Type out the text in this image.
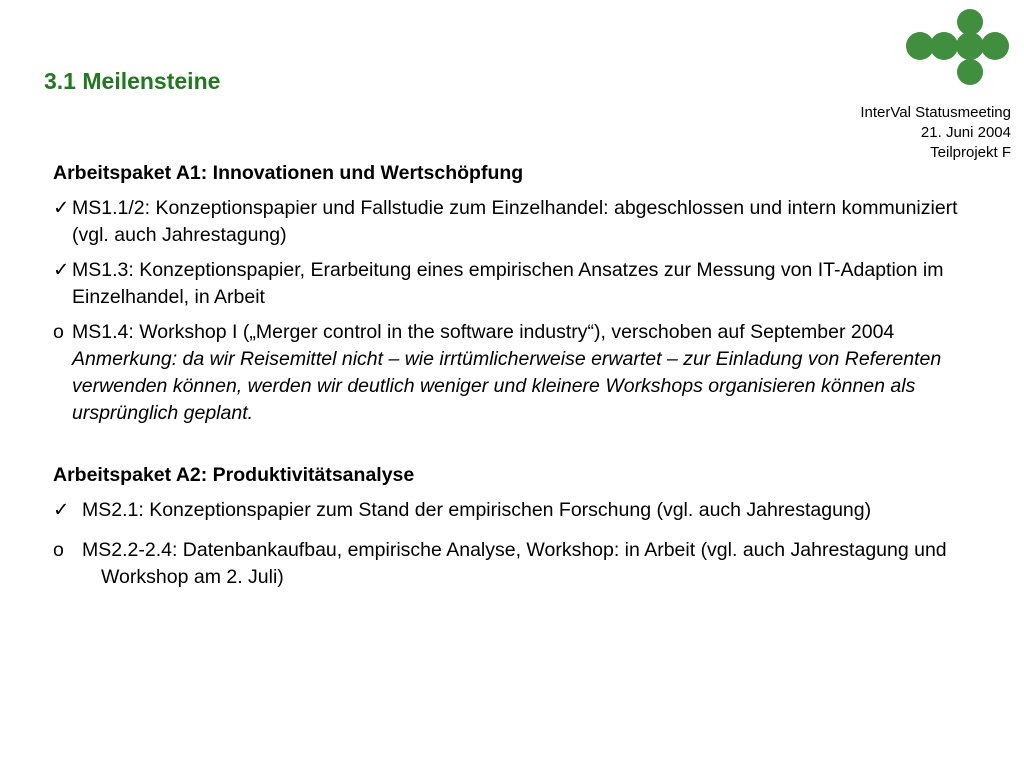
3.1 Meilensteine
InterVal Statusmeeting
21. Juni 2004
Teilprojekt F
Arbeitspaket A1: Innovationen und Wertschöpfung
✓ MS1.1/2: Konzeptionspapier und Fallstudie zum Einzelhandel: abgeschlossen und intern kommuniziert (vgl. auch Jahrestagung)
✓ MS1.3: Konzeptionspapier, Erarbeitung eines empirischen Ansatzes zur Messung von IT-Adaption im Einzelhandel, in Arbeit
o MS1.4: Workshop I („Merger control in the software industry“), verschoben auf September 2004
Anmerkung: da wir Reisemittel nicht – wie irrtümlicherweise erwartet – zur Einladung von Referenten verwenden können, werden wir deutlich weniger und kleinere Workshops organisieren können als ursprünglich geplant.
Arbeitspaket A2: Produktivitätsanalyse
✓ MS2.1: Konzeptionspapier zum Stand der empirischen Forschung (vgl. auch Jahrestagung)
o MS2.2-2.4: Datenbankaufbau, empirische Analyse, Workshop: in Arbeit (vgl. auch Jahrestagung und Workshop am 2. Juli)
